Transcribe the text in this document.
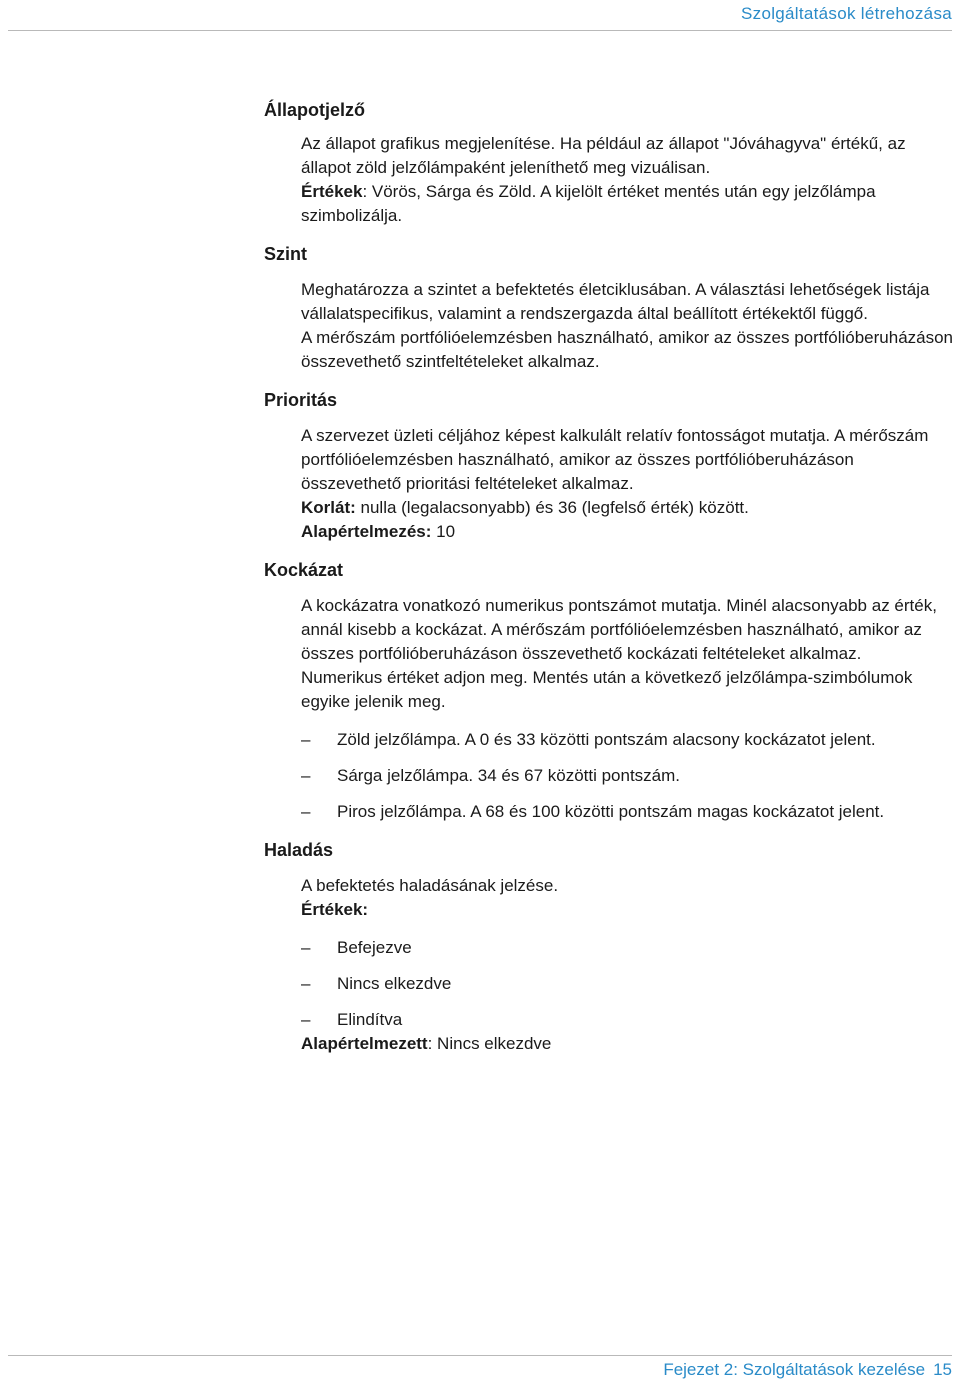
Szolgáltatások létrehozása

Állapotjelző

Az állapot grafikus megjelenítése. Ha például az állapot "Jóváhagyva" értékű, az állapot zöld jelzőlámpaként jeleníthető meg vizuálisan.

Értékek: Vörös, Sárga és Zöld. A kijelölt értéket mentés után egy jelzőlámpa szimbolizálja.

Szint

Meghatározza a szintet a befektetés életciklusában. A választási lehetőségek listája vállalatspecifikus, valamint a rendszergazda által beállított értékektől függő.

A mérőszám portfólióelemzésben használható, amikor az összes portfólióberuházáson összevethető szintfeltételeket alkalmaz.

Prioritás

A szervezet üzleti céljához képest kalkulált relatív fontosságot mutatja. A mérőszám portfólióelemzésben használható, amikor az összes portfólióberuházáson összevethető prioritási feltételeket alkalmaz.

Korlát: nulla (legalacsonyabb) és 36 (legfelső érték) között.

Alapértelmezés: 10

Kockázat

A kockázatra vonatkozó numerikus pontszámot mutatja. Minél alacsonyabb az érték, annál kisebb a kockázat. A mérőszám portfólióelemzésben használható, amikor az összes portfólióberuházáson összevethető kockázati feltételeket alkalmaz.

Numerikus értéket adjon meg. Mentés után a következő jelzőlámpa-szimbólumok egyike jelenik meg.

‒ Zöld jelzőlámpa. A 0 és 33 közötti pontszám alacsony kockázatot jelent.
‒ Sárga jelzőlámpa. 34 és 67 közötti pontszám.
‒ Piros jelzőlámpa. A 68 és 100 közötti pontszám magas kockázatot jelent.

Haladás

A befektetés haladásának jelzése.

Értékek:

‒ Befejezve
‒ Nincs elkezdve
‒ Elindítva

Alapértelmezett: Nincs elkezdve

Fejezet 2: Szolgáltatások kezelése 15
